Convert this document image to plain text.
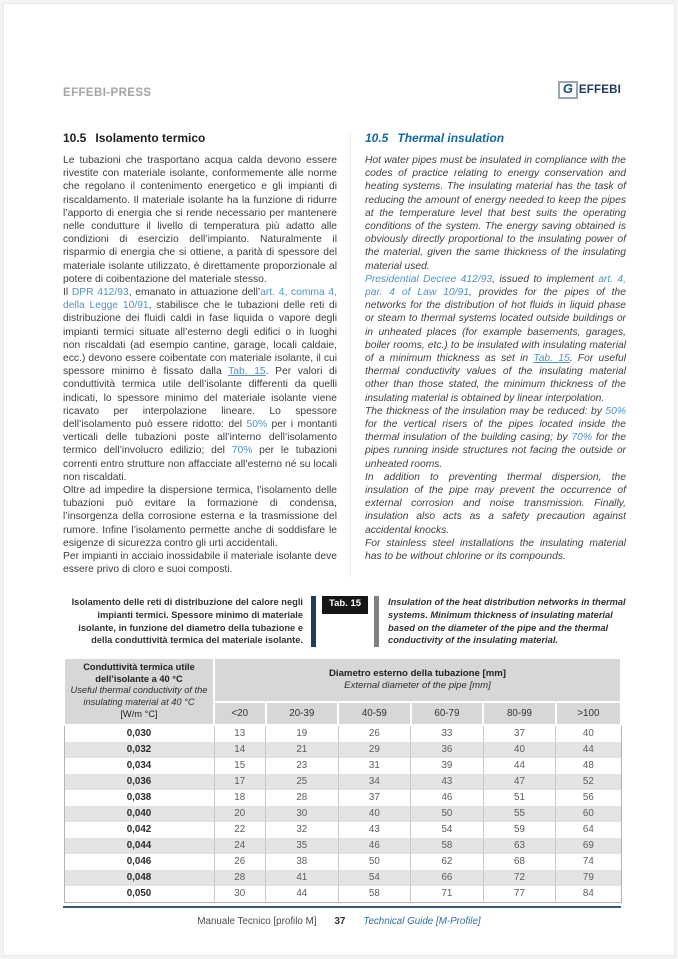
EFFEBI-PRESS	G EFFEBI
10.5 Isolamento termico

Le tubazioni che trasportano acqua calda devono essere rivestite con materiale isolante, conformemente alle norme che regolano il contenimento energetico e gli impianti di riscaldamento. Il materiale isolante ha la funzione di ridurre l’apporto di energia che si rende necessario per mantenere nelle condutture il livello di temperatura più adatto alle condizioni di esercizio dell’impianto. Naturalmente il risparmio di energia che si ottiene, a parità di spessore del materiale isolante utilizzato, è direttamente proporzionale al potere di coibentazione del materiale stesso.

Il DPR 412/93, emanato in attuazione dell’art. 4, comma 4, della Legge 10/91, stabilisce che le tubazioni delle reti di distribuzione dei fluidi caldi in fase liquida o vapore degli impianti termici situate all’esterno degli edifici o in luoghi non riscaldati (ad esempio cantine, garage, locali caldaie, ecc.) devono essere coibentate con materiale isolante, il cui spessore minimo è fissato dalla Tab. 15. Per valori di conduttività termica utile dell’isolante differenti da quelli indicati, lo spessore minimo del materiale isolante viene ricavato per interpolazione lineare. Lo spessore dell’isolamento può essere ridotto: del 50% per i montanti verticali delle tubazioni poste all’interno dell’isolamento termico dell’involucro edilizio; del 70% per le tubazioni correnti entro strutture non affacciate all’esterno né su locali non riscaldati.

Oltre ad impedire la dispersione termica, l’isolamento delle tubazioni può evitare la formazione di condensa, l’insorgenza della corrosione esterna e la trasmissione del rumore. Infine l’isolamento permette anche di soddisfare le esigenze di sicurezza contro gli urti accidentali.

Per impianti in acciaio inossidabile il materiale isolante deve essere privo di cloro e suoi composti.

10.5 Thermal insulation

Hot water pipes must be insulated in compliance with the codes of practice relating to energy conservation and heating systems. The insulating material has the task of reducing the amount of energy needed to keep the pipes at the temperature level that best suits the operating conditions of the system. The energy saving obtained is obviously directly proportional to the insulating power of the material, given the same thickness of the insulating material used.

Presidential Decree 412/93, issued to implement art. 4, par. 4 of Law 10/91, provides for the pipes of the networks for the distribution of hot fluids in liquid phase or steam to thermal systems located outside buildings or in unheated places (for example basements, garages, boiler rooms, etc.) to be insulated with insulating material of a minimum thickness as set in Tab. 15. For useful thermal conductivity values of the insulating material other than those stated, the minimum thickness of the insulating material is obtained by linear interpolation.

The thickness of the insulation may be reduced: by 50% for the vertical risers of the pipes located inside the thermal insulation of the building casing; by 70% for the pipes running inside structures not facing the outside or unheated rooms.

In addition to preventing thermal dispersion, the insulation of the pipe may prevent the occurrence of external corrosion and noise transmission. Finally, insulation also acts as a safety precaution against accidental knocks.

For stainless steel installations the insulating material has to be without chlorine or its compounds.

Isolamento delle reti di distribuzione del calore negli impianti termici. Spessore minimo di materiale isolante, in funzione del diametro della tubazione e della conduttività termica del materiale isolante.
Tab. 15	Insulation of the heat distribution networks in thermal systems. Minimum thickness of insulating material based on the diameter of the pipe and the thermal conductivity of the insulating material.
Conduttività termica utile dell’isolante a 40 °C
Useful thermal conductivity of the insulating material at 40 °C
[W/m °C]

Diametro esterno della tubazione [mm]
External diameter of the pipe [mm]

	<20	20-39	40-59	60-79	80-99	>100
0,030	13	19	26	33	37	40
0,032	14	21	29	36	40	44
0,034	15	23	31	39	44	48
0,036	17	25	34	43	47	52
0,038	18	28	37	46	51	56
0,040	20	30	40	50	55	60
0,042	22	32	43	54	59	64
0,044	24	35	46	58	63	69
0,046	26	38	50	62	68	74
0,048	28	41	54	66	72	79
0,050	30	44	58	71	77	84
Manuale Tecnico [profilo M] 37 Technical Guide [M-Profile]
